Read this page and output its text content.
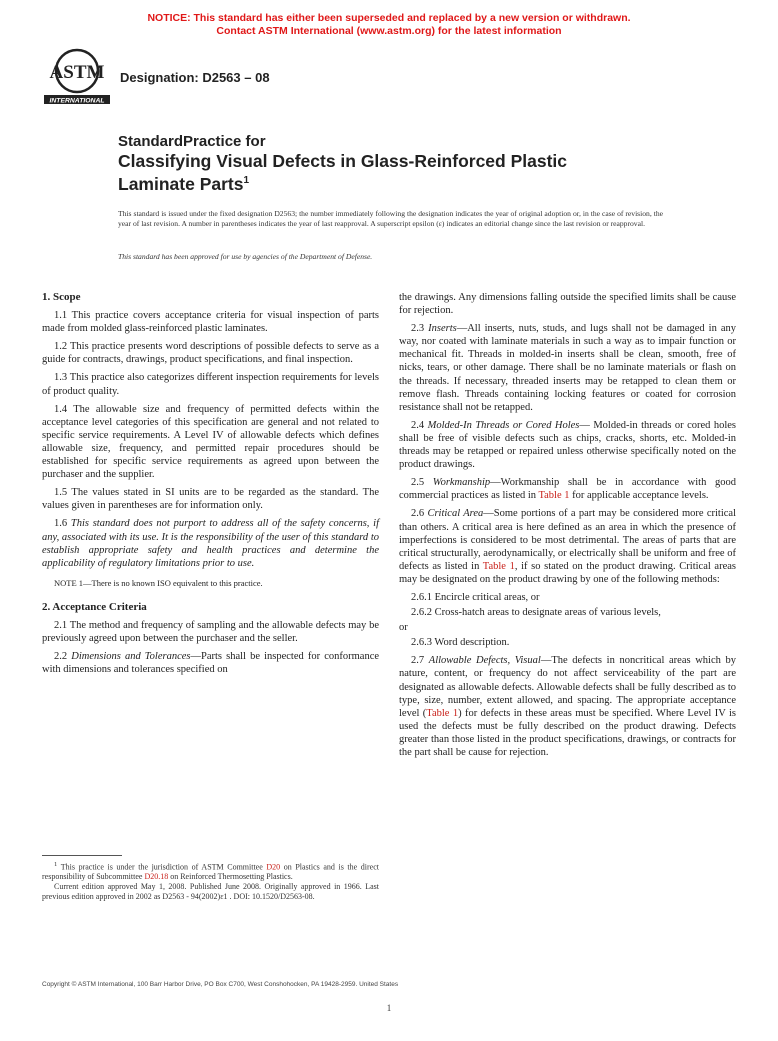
NOTICE: This standard has either been superseded and replaced by a new version or withdrawn.
Contact ASTM International (www.astm.org) for the latest information
ASTM
INTERNATIONAL
Designation: D2563 – 08
StandardPractice for
Classifying Visual Defects in Glass-Reinforced Plastic
Laminate Parts$^1$
This standard is issued under the fixed designation D2563; the number immediately following the designation indicates the year of original adoption or, in the case of revision, the year of last revision. A number in parentheses indicates the year of last reapproval. A superscript epsilon (ε) indicates an editorial change since the last revision or reapproval.
This standard has been approved for use by agencies of the Department of Defense.
1. Scope

1.1 This practice covers acceptance criteria for visual inspection of parts made from molded glass-reinforced plastic laminates.

1.2 This practice presents word descriptions of possible defects to serve as a guide for contracts, drawings, product specifications, and final inspection.

1.3 This practice also categorizes different inspection requirements for levels of product quality.

1.4 The allowable size and frequency of permitted defects within the acceptance level categories of this specification are general and not related to specific service requirements. A Level IV of allowable defects which defines allowable size, frequency, and permitted repair procedures should be established for specific service requirements as agreed upon between the purchaser and the supplier.

1.5 The values stated in SI units are to be regarded as the standard. The values given in parentheses are for information only.

1.6 This standard does not purport to address all of the safety concerns, if any, associated with its use. It is the responsibility of the user of this standard to establish appropriate safety and health practices and determine the applicability of regulatory limitations prior to use.

NOTE 1—There is no known ISO equivalent to this practice.

2. Acceptance Criteria

2.1 The method and frequency of sampling and the allowable defects may be previously agreed upon between the purchaser and the seller.

2.2 Dimensions and Tolerances—Parts shall be inspected for conformance with dimensions and tolerances specified on

$^1$ This practice is under the jurisdiction of ASTM Committee D20 on Plastics and is the direct responsibility of Subcommittee D20.18 on Reinforced Thermosetting Plastics.

Current edition approved May 1, 2008. Published June 2008. Originally approved in 1966. Last previous edition approved in 2002 as D2563 - 94(2002)ε1 . DOI: 10.1520/D2563-08.

the drawings. Any dimensions falling outside the specified limits shall be cause for rejection.

2.3 Inserts—All inserts, nuts, studs, and lugs shall not be damaged in any way, nor coated with laminate materials in such a way as to impair function or mechanical fit. Threads in molded-in inserts shall be clean, smooth, free of nicks, tears, or other damage. There shall be no laminate materials or flash on the threads. If necessary, threaded inserts may be retapped to clean them or remove flash. Threads containing locking features or coated for corrosion resistance shall not be retapped.

2.4 Molded-In Threads or Cored Holes— Molded-in threads or cored holes shall be free of visible defects such as chips, cracks, shorts, etc. Molded-in threads may be retapped or repaired unless otherwise specifically noted on the product drawings.

2.5 Workmanship—Workmanship shall be in accordance with good commercial practices as listed in Table 1 for applicable acceptance levels.

2.6 Critical Area—Some portions of a part may be considered more critical than others. A critical area is here defined as an area in which the presence of imperfections is considered to be most detrimental. The areas of parts that are critical structurally, aerodynamically, or electrically shall be uniform and free of defects as listed in Table 1, if so stated on the product drawing. Critical areas may be designated on the product drawing by one of the following methods:

2.6.1 Encircle critical areas, or

2.6.2 Cross-hatch areas to designate areas of various levels,

or

2.6.3 Word description.

2.7 Allowable Defects, Visual—The defects in noncritical areas which by nature, content, or frequency do not affect serviceability of the part are designated as allowable defects. Allowable defects shall be fully described as to type, size, number, extent allowed, and spacing. The appropriate acceptance level (Table 1) for defects in these areas must be specified. Where Level IV is used the defects must be fully described on the product drawing. Defects greater than those listed in the product specifications, drawings, or contracts for the part shall be cause for rejection.

Copyright © ASTM International, 100 Barr Harbor Drive, PO Box C700, West Conshohocken, PA 19428-2959. United States
1
